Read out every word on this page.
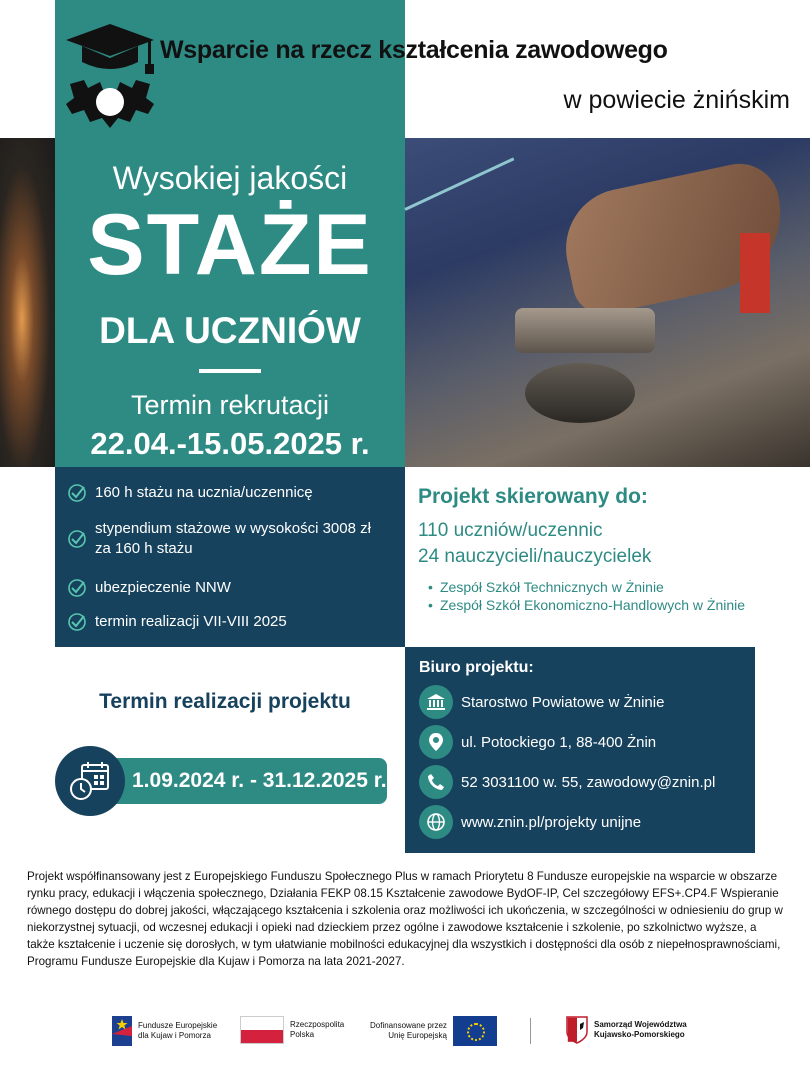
Wsparcie na rzecz kształcenia zawodowego
w powiecie żnińskim
Wysokiej jakości
STAŻE
DLA UCZNIÓW
Termin rekrutacji
22.04.-15.05.2025 r.
160 h stażu na ucznia/uczennicę
stypendium stażowe w wysokości 3008 zł za 160 h stażu
ubezpieczenie NNW
termin realizacji VII-VIII 2025
Projekt skierowany do:
110 uczniów/uczennic
24 nauczycieli/nauczycielek
• Zespół Szkół Technicznych w Żninie
• Zespół Szkół Ekonomiczno-Handlowych w Żninie
Termin realizacji projektu
1.09.2024 r. - 31.12.2025 r.
Biuro projektu:
Starostwo Powiatowe w Żninie
ul. Potockiego 1, 88-400 Żnin
52 3031100 w. 55, zawodowy@znin.pl
www.znin.pl/projekty unijne
Projekt współfinansowany jest z Europejskiego Funduszu Społecznego Plus w ramach Priorytetu 8 Fundusze europejskie na wsparcie w obszarze rynku pracy, edukacji i włączenia społecznego, Działania FEKP 08.15 Kształcenie zawodowe BydOF-IP, Cel szczegółowy EFS+.CP4.F Wspieranie równego dostępu do dobrej jakości, włączającego kształcenia i szkolenia oraz możliwości ich ukończenia, w szczególności w odniesieniu do grup w niekorzystnej sytuacji, od wczesnej edukacji i opieki nad dzieckiem przez ogólne i zawodowe kształcenie i szkolenie, po szkolnictwo wyższe, a także kształcenie i uczenie się dorosłych, w tym ułatwianie mobilności edukacyjnej dla wszystkich i dostępności dla osób z niepełnosprawnościami, Programu Fundusze Europejskie dla Kujaw i Pomorza na lata 2021-2027.
Fundusze Europejskie
dla Kujaw i Pomorza
Rzeczpospolita
Polska
Dofinansowane przez
Unię Europejską
Samorząd Województwa
Kujawsko-Pomorskiego
